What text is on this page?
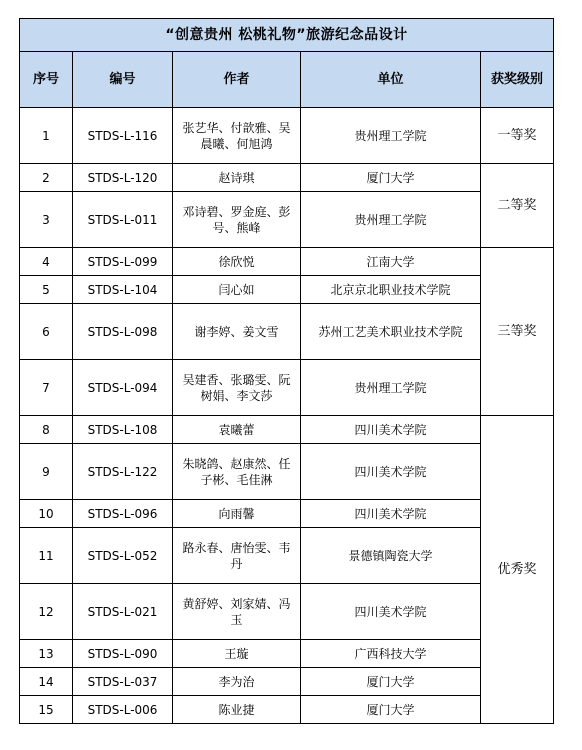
“创意贵州 松桃礼物”旅游纪念品设计				
序号	编号	作者	单位	获奖级别
1	STDS-L-116	张艺华、付歆雅、吴晨曦、何旭鸿	贵州理工学院	一等奖
2	STDS-L-120	赵诗琪	厦门大学	二等奖
3	STDS-L-011	邓诗碧、罗金庭、彭号、熊峰	贵州理工学院	
4	STDS-L-099	徐欣悦	江南大学	三等奖
5	STDS-L-104	闫心如	北京京北职业技术学院	
6	STDS-L-098	谢李婷、姜文雪	苏州工艺美术职业技术学院	

7	STDS-L-094	吴建香、张璐雯、阮树娟、李文莎	贵州理工学院	
8	STDS-L-108	袁曦蕾	四川美术学院	优秀奖
9	STDS-L-122	朱晓鸽、赵康然、任子彬、毛佳淋	四川美术学院	
10	STDS-L-096	向雨馨	四川美术学院	
11	STDS-L-052	路永春、唐怡雯、韦丹	景德镇陶瓷大学	
12	STDS-L-021	黄舒婷、刘家婧、冯玉	四川美术学院	
13	STDS-L-090	王璇	广西科技大学	
14	STDS-L-037	李为治	厦门大学	
15	STDS-L-006	陈业捷	厦门大学	
